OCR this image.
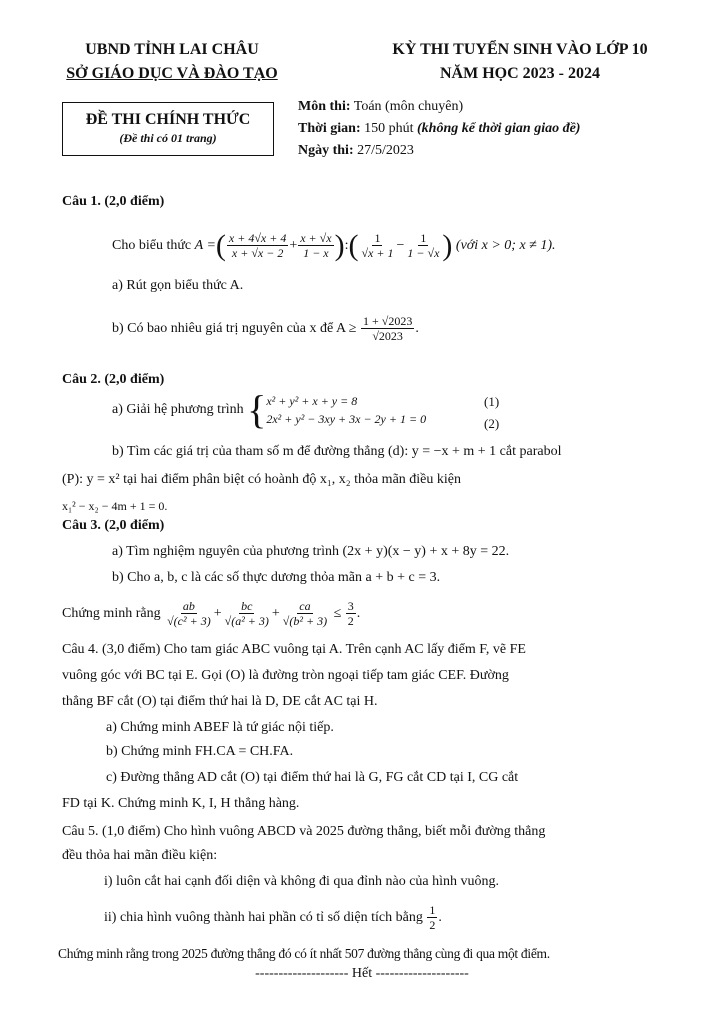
UBND TỈNH LAI CHÂU
SỞ GIÁO DỤC VÀ ĐÀO TẠO
KỲ THI TUYỂN SINH VÀO LỚP 10
NĂM HỌC 2023 - 2024
ĐỀ THI CHÍNH THỨC
(Đề thi có 01 trang)
Môn thi: Toán (môn chuyên)
Thời gian: 150 phút (không kể thời gian giao đề)
Ngày thi: 27/5/2023
Câu 1. (2,0 điểm)
Cho biểu thức A =( $\frac{x + 4√x + 4}{x + √x - 2} + \frac{x + √x}{1 - x}$ ):( $\frac{1}{√x + 1} - \frac{1}{1 - √x}$ ) (với x > 0; x ≠ 1).
a) Rút gọn biểu thức A.
b) Có bao nhiêu giá trị nguyên của x để $A \ge \frac{1 + √2023}{√2023}$ .
Câu 2. (2,0 điểm)
a) Giải hệ phương trình { x² + y² + x + y = 8
2x² + y² − 3xy + 3x − 2y + 1 = 0
(1)
(2)
b) Tìm các giá trị của tham số m để đường thẳng (d): y = −x + m + 1 cắt parabol
(P): y = x² tại hai điểm phân biệt có hoành độ x₁, x₂ thỏa mãn điều kiện
x₁² − x₂ − 4m + 1 = 0.
Câu 3. (2,0 điểm)
a) Tìm nghiệm nguyên của phương trình (2x + y)(x − y) + x + 8y = 22.
b) Cho a, b, c là các số thực dương thỏa mãn a + b + c = 3.
Chứng minh rằng $\frac{ab}{\text{√(c² + 3)}} + \frac{bc}{\text{√(a² + 3)}} + \frac{ca}{\text{√(b² + 3)}} \le \frac{3}{2}$ .
Câu 4. (3,0 điểm) Cho tam giác ABC vuông tại A. Trên cạnh AC lấy điểm F, vẽ FE
vuông góc với BC tại E. Gọi (O) là đường tròn ngoại tiếp tam giác CEF. Đường
thẳng BF cắt (O) tại điểm thứ hai là D, DE cắt AC tại H.
a) Chứng minh ABEF là tứ giác nội tiếp.
b) Chứng minh FH.CA = CH.FA.
c) Đường thẳng AD cắt (O) tại điểm thứ hai là G, FG cắt CD tại I, CG cắt
FD tại K. Chứng minh K, I, H thẳng hàng.
Câu 5. (1,0 điểm) Cho hình vuông ABCD và 2025 đường thẳng, biết mỗi đường thẳng
đều thỏa hai mãn điều kiện:
i) luôn cắt hai cạnh đối diện và không đi qua đỉnh nào của hình vuông.
ii) chia hình vuông thành hai phần có tỉ số diện tích bằng $\frac{1}{2}$ .
Chứng minh rằng trong 2025 đường thẳng đó có ít nhất 507 đường thẳng cùng đi qua một điểm.
-------------------- Hết --------------------
